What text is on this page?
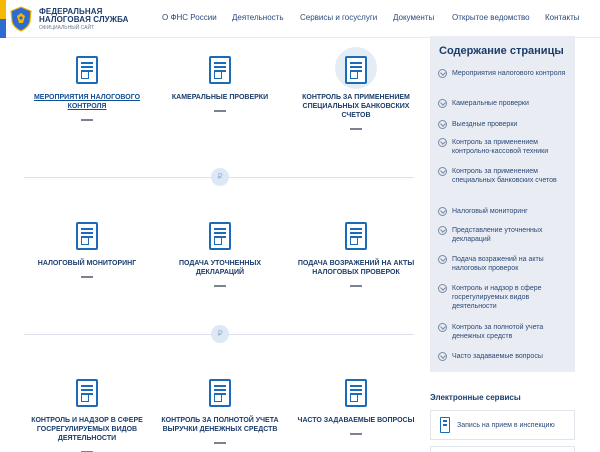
ФЕДЕРАЛЬНАЯ
НАЛОГОВАЯ СЛУЖБА
ОФИЦИАЛЬНЫЙ САЙТ
О ФНС России Деятельность Сервисы и госуслуги Документы Открытое ведомство Контакты
МЕРОПРИЯТИЯ НАЛОГОВОГО КОНТРОЛЯ
КАМЕРАЛЬНЫЕ ПРОВЕРКИ	КОНТРОЛЬ ЗА ПРИМЕНЕНИЕМ СПЕЦИАЛЬНЫХ БАНКОВСКИХ СЧЕТОВ
₽
НАЛОГОВЫЙ МОНИТОРИНГ	ПОДАЧА УТОЧНЕННЫХ ДЕКЛАРАЦИЙ
ПОДАЧА ВОЗРАЖЕНИЙ НА АКТЫ НАЛОГОВЫХ ПРОВЕРОК
₽
КОНТРОЛЬ И НАДЗОР В СФЕРЕ ГОСРЕГУЛИРУЕМЫХ ВИДОВ ДЕЯТЕЛЬНОСТИ
КОНТРОЛЬ ЗА ПОЛНОТОЙ УЧЕТА ВЫРУЧКИ ДЕНЕЖНЫХ СРЕДСТВ
ЧАСТО ЗАДАВАЕМЫЕ ВОПРОСЫ
Содержание страницы
Мероприятия налогового контроля
Камеральные проверки
Выездные проверки
Контроль за применением контрольно-кассовой техники
Контроль за применением специальных банковских счетов
Налоговый мониторинг
Представление уточненных деклараций
Подача возражений на акты налоговых проверок
Контроль и надзор в сфере госрегулируемых видов деятельности
Контроль за полнотой учета денежных средств
Часто задаваемые вопросы
Электронные сервисы
Запись на прием в инспекцию
